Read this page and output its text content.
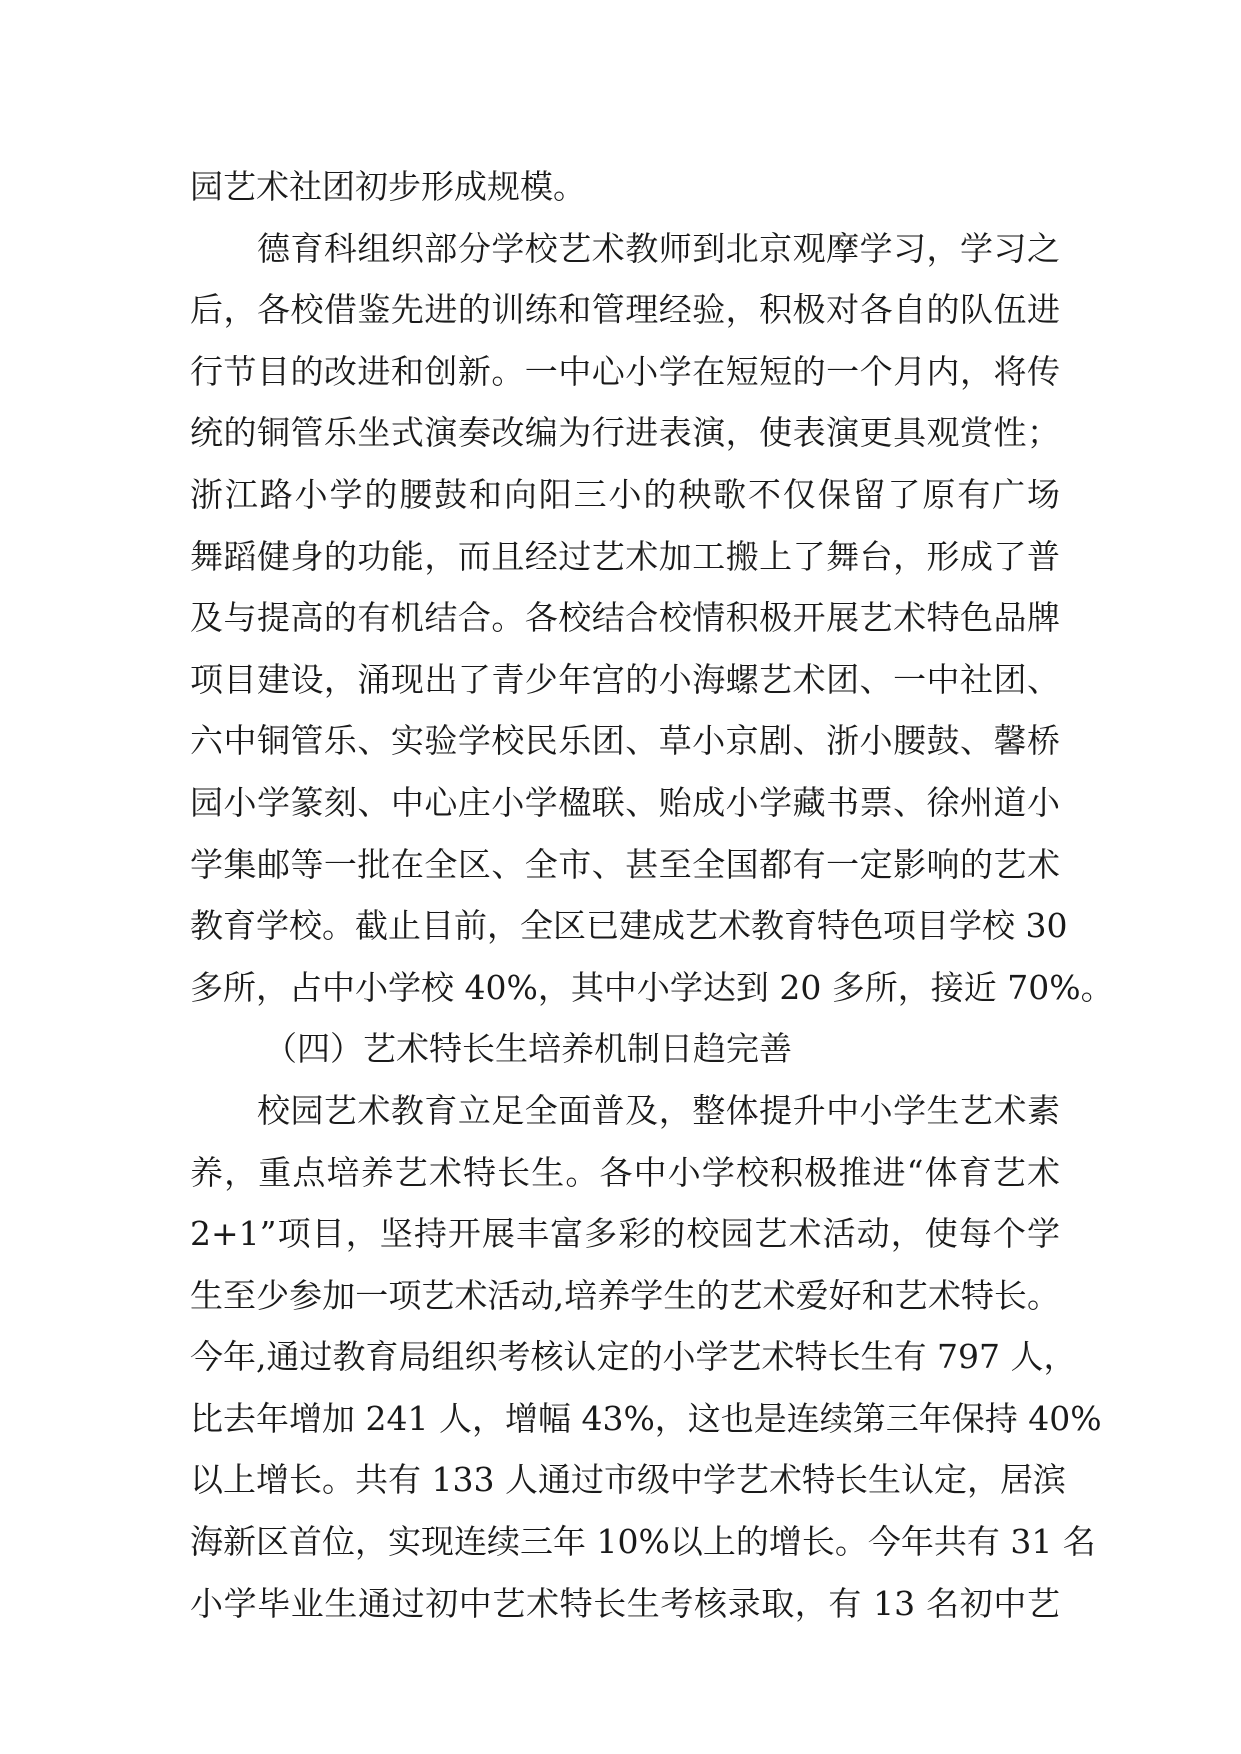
园艺术社团初步形成规模。
　　德育科组织部分学校艺术教师到北京观摩学习，学习之
后，各校借鉴先进的训练和管理经验，积极对各自的队伍进
行节目的改进和创新。一中心小学在短短的一个月内，将传
统的铜管乐坐式演奏改编为行进表演，使表演更具观赏性；
浙江路小学的腰鼓和向阳三小的秧歌不仅保留了原有广场
舞蹈健身的功能，而且经过艺术加工搬上了舞台，形成了普
及与提高的有机结合。各校结合校情积极开展艺术特色品牌
项目建设，涌现出了青少年宫的小海螺艺术团、一中社团、
六中铜管乐、实验学校民乐团、草小京剧、浙小腰鼓、馨桥
园小学篆刻、中心庄小学楹联、贻成小学藏书票、徐州道小
学集邮等一批在全区、全市、甚至全国都有一定影响的艺术
教育学校。截止目前，全区已建成艺术教育特色项目学校 30
多所，占中小学校 40%，其中小学达到 20 多所，接近 70%。
（四）艺术特长生培养机制日趋完善
　　校园艺术教育立足全面普及，整体提升中小学生艺术素
养，重点培养艺术特长生。各中小学校积极推进“体育艺术
2+1”项目，坚持开展丰富多彩的校园艺术活动，使每个学
生至少参加一项艺术活动,培养学生的艺术爱好和艺术特长。
今年,通过教育局组织考核认定的小学艺术特长生有 797 人，
比去年增加 241 人，增幅 43%，这也是连续第三年保持 40%
以上增长。共有 133 人通过市级中学艺术特长生认定，居滨
海新区首位，实现连续三年 10%以上的增长。今年共有 31 名
小学毕业生通过初中艺术特长生考核录取，有 13 名初中艺
